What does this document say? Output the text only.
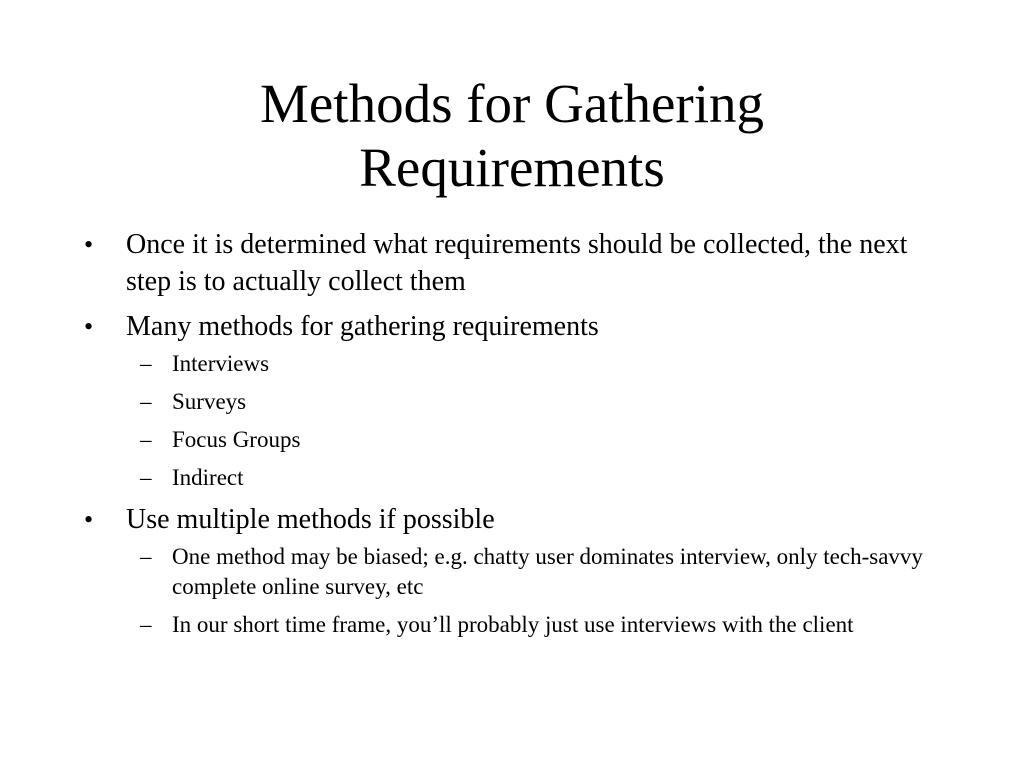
Methods for Gathering
Requirements
•	Once it is determined what requirements should be collected, the next step is to actually collect them
•	Many methods for gathering requirements
– Interviews
– Surveys
– Focus Groups
– Indirect
•	Use multiple methods if possible
– One method may be biased; e.g. chatty user dominates interview, only tech-savvy complete online survey, etc
– In our short time frame, you’ll probably just use interviews with the client
